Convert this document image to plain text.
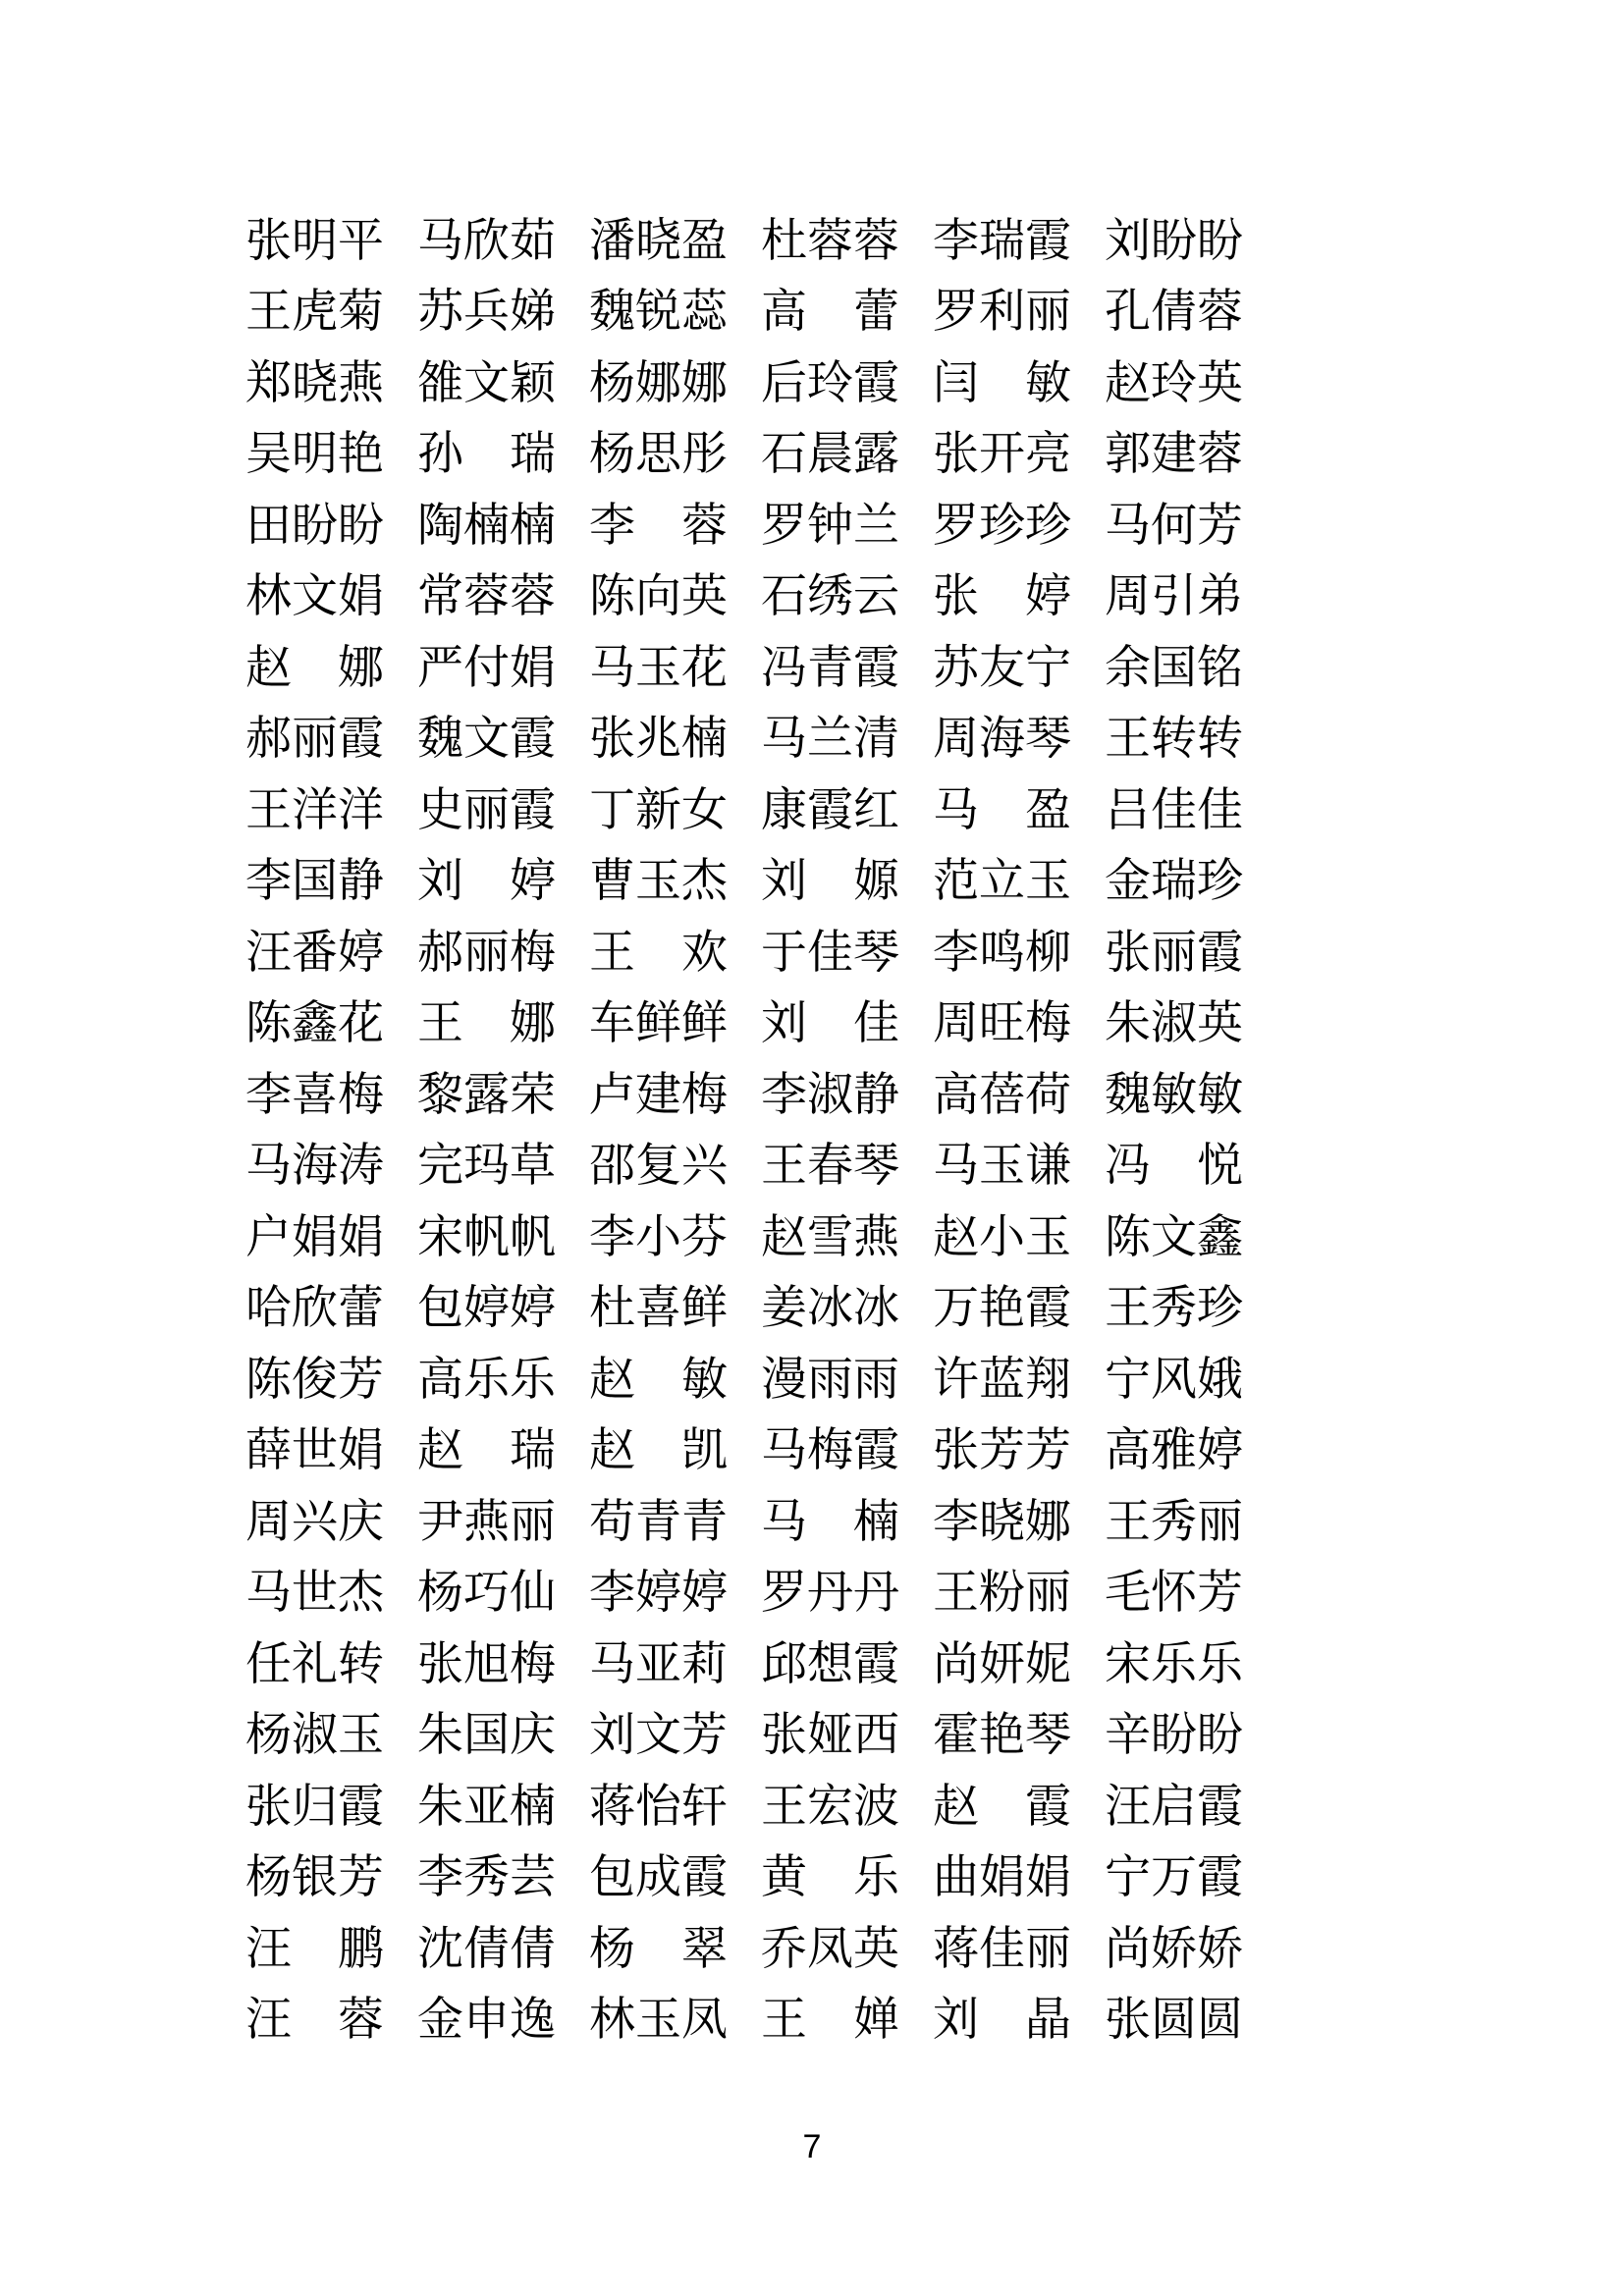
张 明 平 马 欣 茹 潘 晓 盈 杜 蓉 蓉 李 瑞 霞 刘 盼 盼
王 虎 菊 苏 兵 娣 魏 锐 蕊 高 蕾 罗 利 丽 孔 倩 蓉
郑 晓 燕 雒 文 颖 杨 娜 娜 后 玲 霞 闫 敏 赵 玲 英
吴 明 艳 孙 瑞 杨 思 彤 石 晨 露 张 开 亮 郭 建 蓉
田 盼 盼 陶 楠 楠 李 蓉 罗 钟 兰 罗 珍 珍 马 何 芳
林 文 娟 常 蓉 蓉 陈 向 英 石 绣 云 张 婷 周 引 弟
赵 娜 严 付 娟 马 玉 花 冯 青 霞 苏 友 宁 余 国 铭
郝 丽 霞 魏 文 霞 张 兆 楠 马 兰 清 周 海 琴 王 转 转
王 洋 洋 史 丽 霞 丁 新 女 康 霞 红 马 盈 吕 佳 佳
李 国 静 刘 婷 曹 玉 杰 刘 嫄 范 立 玉 金 瑞 珍
汪 番 婷 郝 丽 梅 王 欢 于 佳 琴 李 鸣 柳 张 丽 霞
陈 鑫 花 王 娜 车 鲜 鲜 刘 佳 周 旺 梅 朱 淑 英
李 喜 梅 黎 露 荣 卢 建 梅 李 淑 静 高 蓓 荷 魏 敏 敏
马 海 涛 完 玛 草 邵 复 兴 王 春 琴 马 玉 谦 冯 悦
户 娟 娟 宋 帆 帆 李 小 芬 赵 雪 燕 赵 小 玉 陈 文 鑫
哈 欣 蕾 包 婷 婷 杜 喜 鲜 姜 冰 冰 万 艳 霞 王 秀 珍
陈 俊 芳 高 乐 乐 赵 敏 漫 雨 雨 许 蓝 翔 宁 风 娥
薛 世 娟 赵 瑞 赵 凯 马 梅 霞 张 芳 芳 高 雅 婷
周 兴 庆 尹 燕 丽 苟 青 青 马 楠 李 晓 娜 王 秀 丽
马 世 杰 杨 巧 仙 李 婷 婷 罗 丹 丹 王 粉 丽 毛 怀 芳
任 礼 转 张 旭 梅 马 亚 莉 邱 想 霞 尚 妍 妮 宋 乐 乐
杨 淑 玉 朱 国 庆 刘 文 芳 张 娅 西 霍 艳 琴 辛 盼 盼
张 归 霞 朱 亚 楠 蒋 怡 轩 王 宏 波 赵 霞 汪 启 霞
杨 银 芳 李 秀 芸 包 成 霞 黄 乐 曲 娟 娟 宁 万 霞
汪 鹏 沈 倩 倩 杨 翠 乔 凤 英 蒋 佳 丽 尚 娇 娇
汪 蓉 金 申 逸 林 玉 凤 王 婵 刘 晶 张 圆 圆
7
